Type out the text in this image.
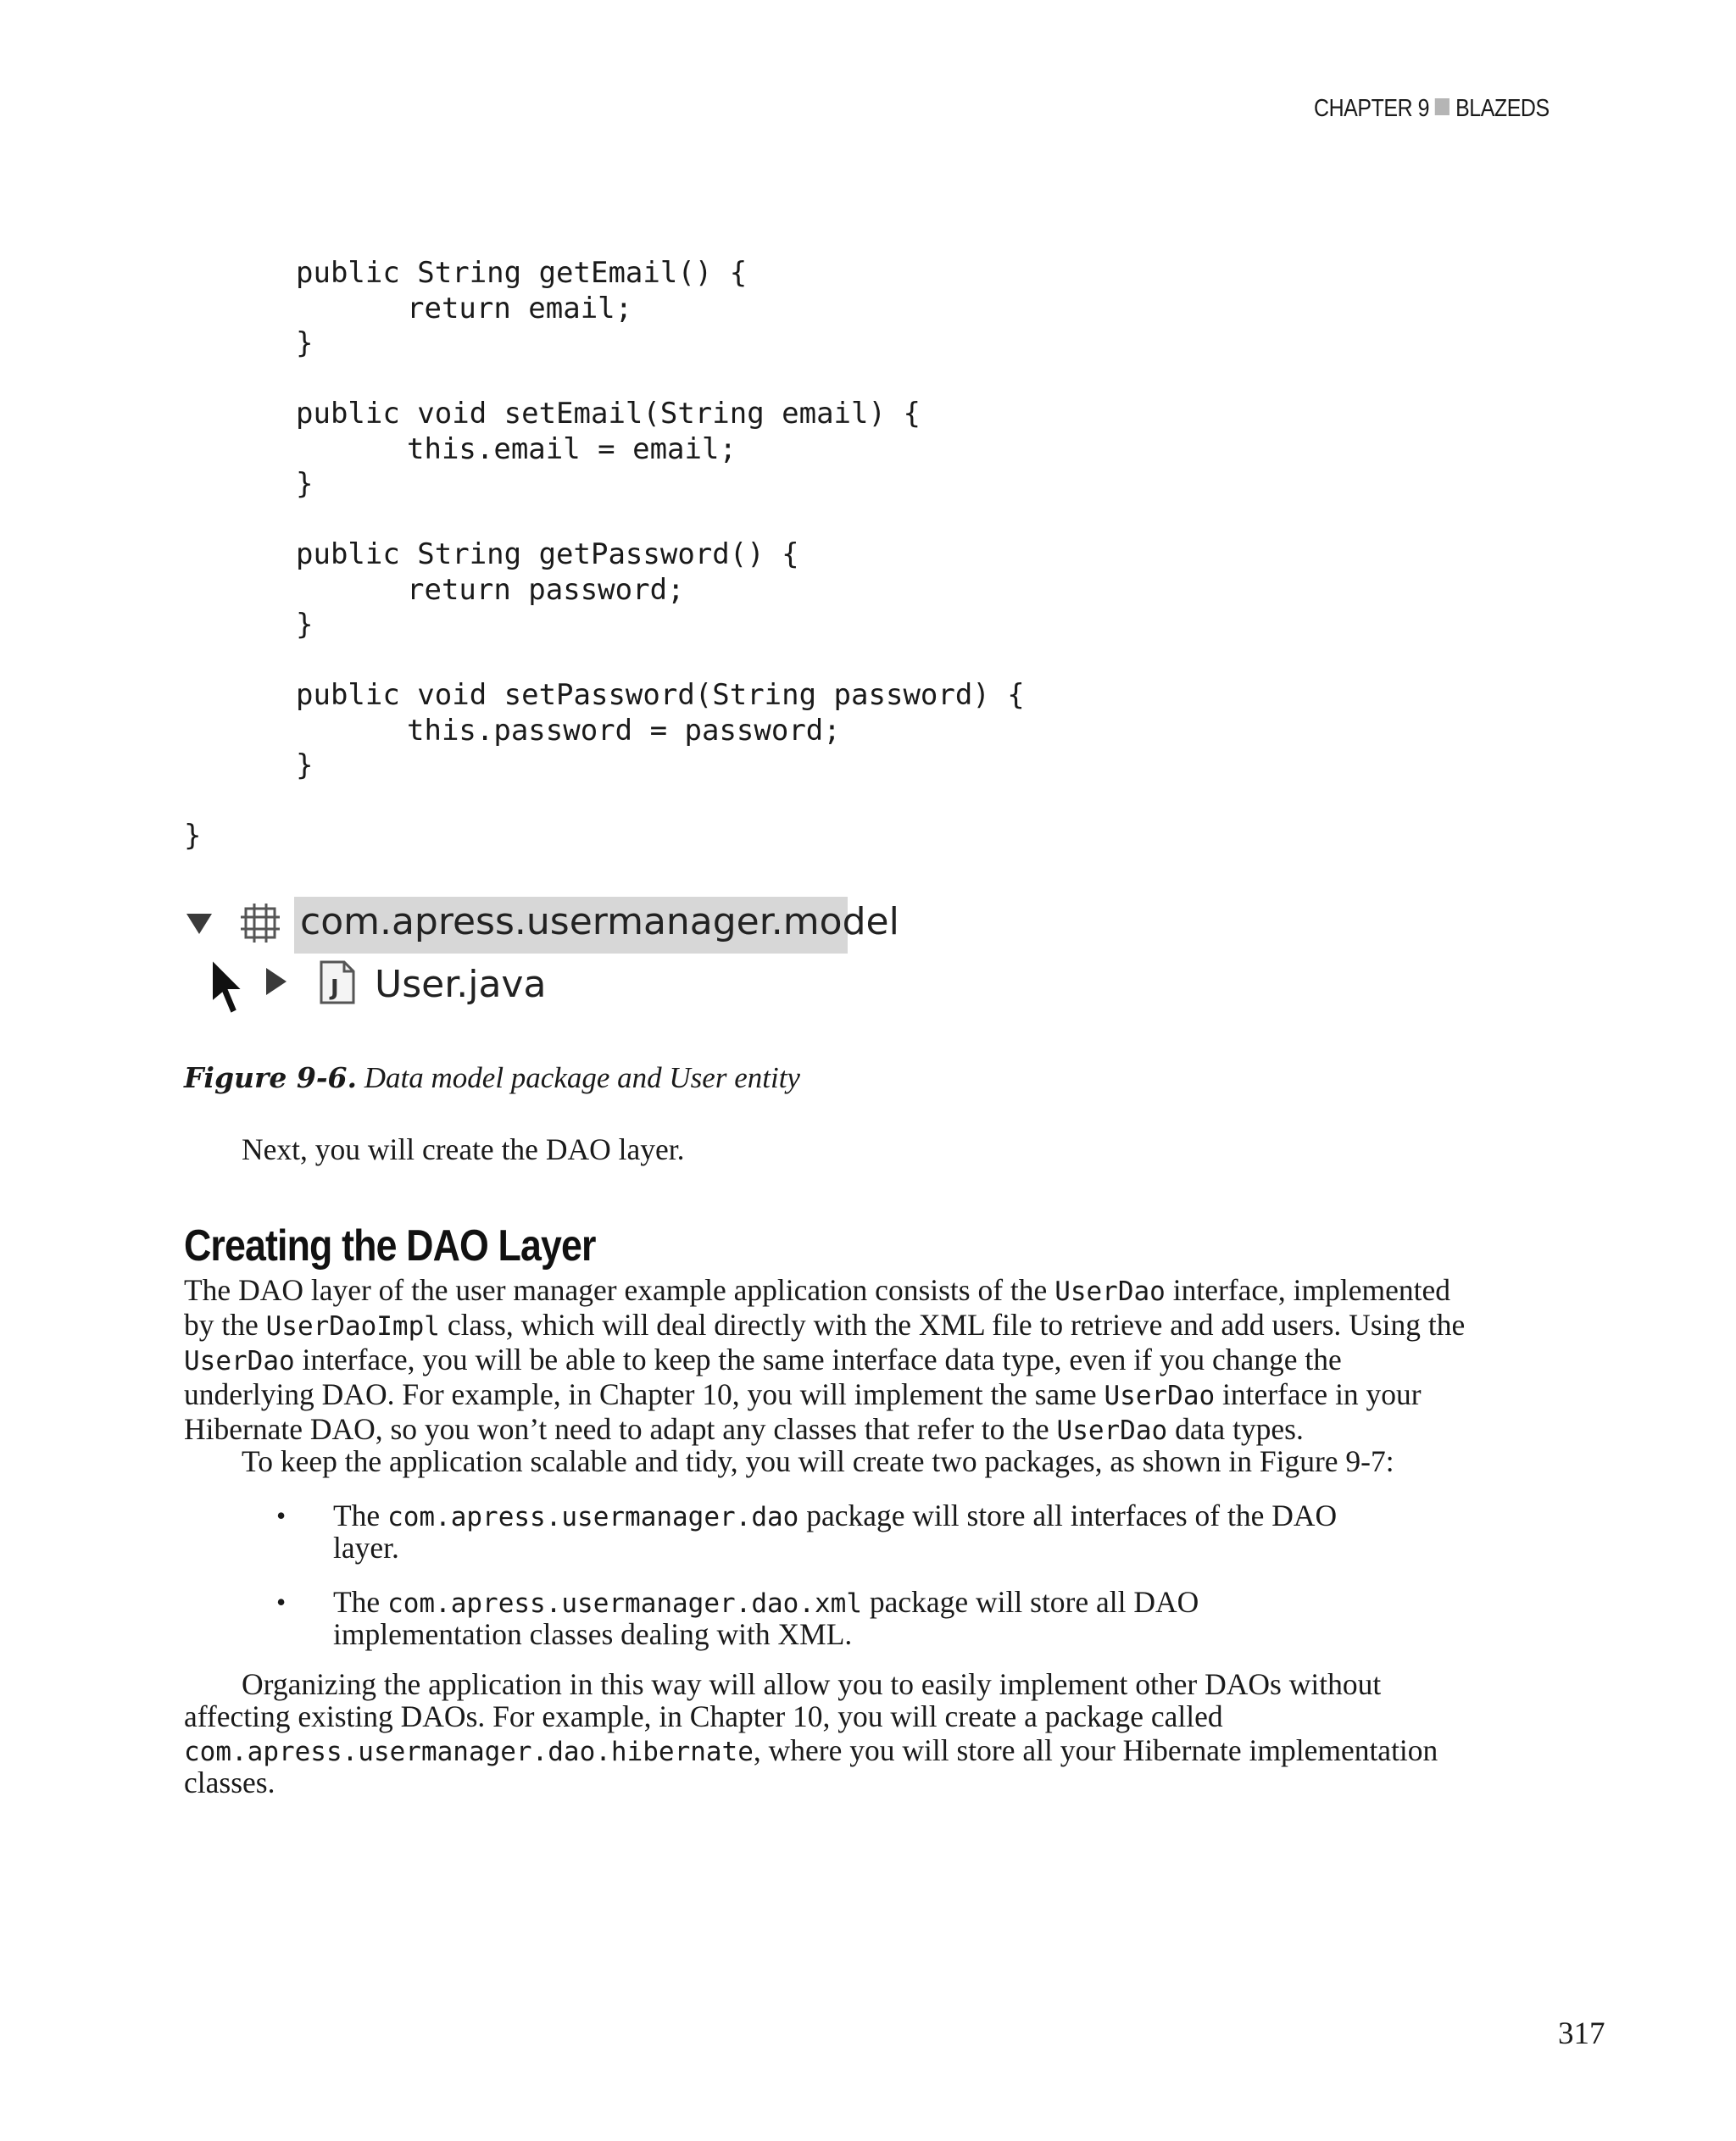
CHAPTER 9 BLAZEDS
public String getEmail() {
return email;
}
public void setEmail(String email) {
this.email = email;
}
public String getPassword() {
return password;
}
public void setPassword(String password) {
this.password = password;
}
}
com.apress.usermanager.model
J User.java
Figure 9-6. Data model package and User entity
Next, you will create the DAO layer.
Creating the DAO Layer
The DAO layer of the user manager example application consists of the UserDao interface, implemented
by the UserDaoImpl class, which will deal directly with the XML file to retrieve and add users. Using the
UserDao interface, you will be able to keep the same interface data type, even if you change the
underlying DAO. For example, in Chapter 10, you will implement the same UserDao interface in your
Hibernate DAO, so you won’t need to adapt any classes that refer to the UserDao data types.
To keep the application scalable and tidy, you will create two packages, as shown in Figure 9-7:
• The com.apress.usermanager.dao package will store all interfaces of the DAO
layer.
• The com.apress.usermanager.dao.xml package will store all DAO
implementation classes dealing with XML.
Organizing the application in this way will allow you to easily implement other DAOs without
affecting existing DAOs. For example, in Chapter 10, you will create a package called
com.apress.usermanager.dao.hibernate, where you will store all your Hibernate implementation
classes.
317
